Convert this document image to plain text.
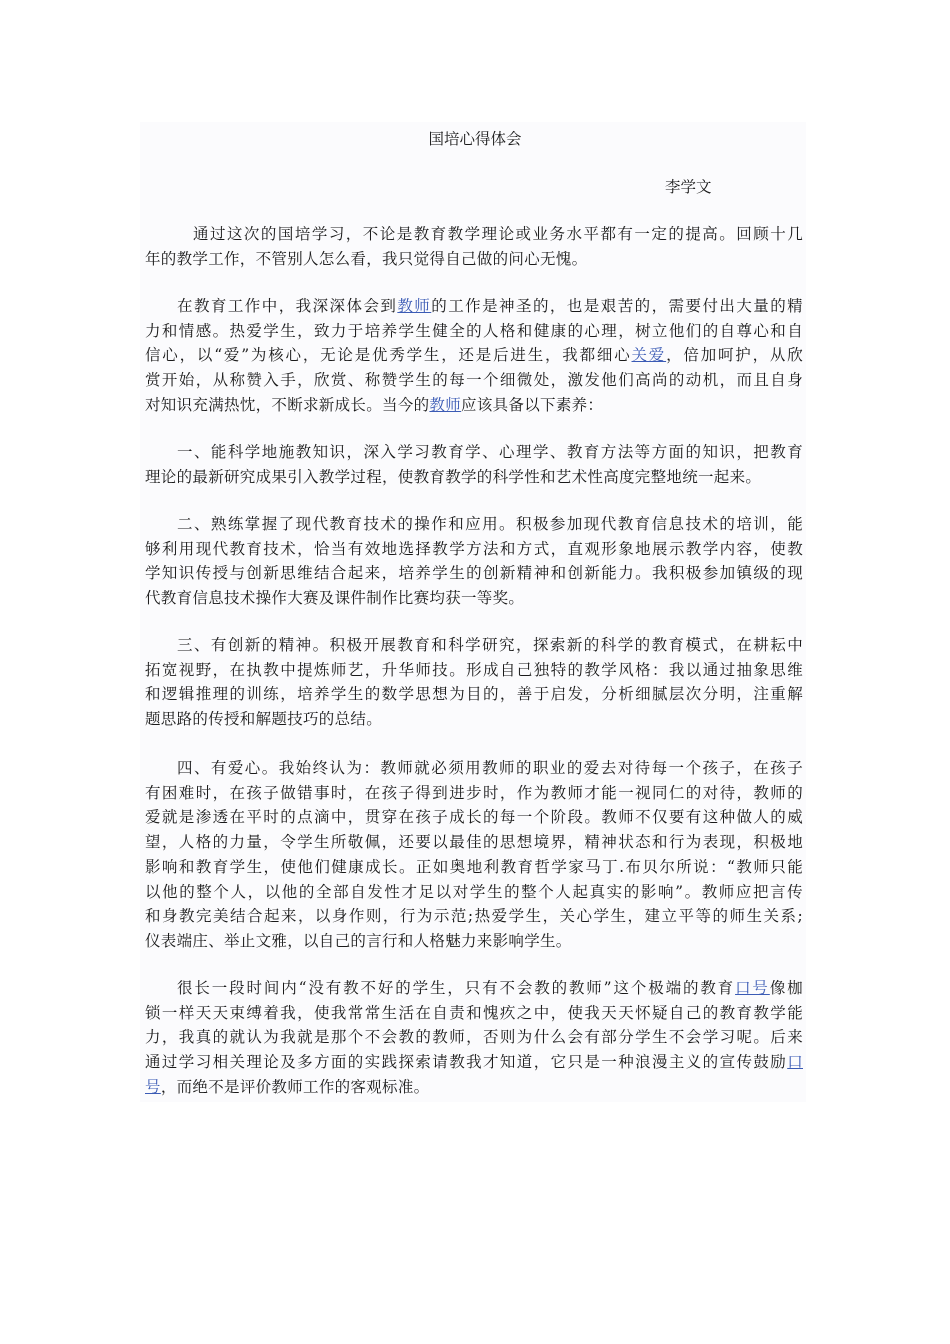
国培心得体会

李学文

通过这次的国培学习，不论是教育教学理论或业务水平都有一定的提高。回顾十几
年的教学工作，不管别人怎么看，我只觉得自己做的问心无愧。

在教育工作中，我深深体会到教师的工作是神圣的，也是艰苦的，需要付出大量的精
力和情感。热爱学生，致力于培养学生健全的人格和健康的心理，树立他们的自尊心和自
信心，以“爱”为核心，无论是优秀学生，还是后进生，我都细心关爱，倍加呵护，从欣
赏开始，从称赞入手，欣赏、称赞学生的每一个细微处，激发他们高尚的动机，而且自身
对知识充满热忱，不断求新成长。当今的教师应该具备以下素养：

一、能科学地施教知识，深入学习教育学、心理学、教育方法等方面的知识，把教育
理论的最新研究成果引入教学过程，使教育教学的科学性和艺术性高度完整地统一起来。

二、熟练掌握了现代教育技术的操作和应用。积极参加现代教育信息技术的培训，能
够利用现代教育技术，恰当有效地选择教学方法和方式，直观形象地展示教学内容，使教
学知识传授与创新思维结合起来，培养学生的创新精神和创新能力。我积极参加镇级的现
代教育信息技术操作大赛及课件制作比赛均获一等奖。

三、有创新的精神。积极开展教育和科学研究，探索新的科学的教育模式，在耕耘中
拓宽视野，在执教中提炼师艺，升华师技。形成自己独特的教学风格：我以通过抽象思维
和逻辑推理的训练，培养学生的数学思想为目的，善于启发，分析细腻层次分明，注重解
题思路的传授和解题技巧的总结。

四、有爱心。我始终认为：教师就必须用教师的职业的爱去对待每一个孩子，在孩子
有困难时，在孩子做错事时，在孩子得到进步时，作为教师才能一视同仁的对待，教师的
爱就是渗透在平时的点滴中，贯穿在孩子成长的每一个阶段。教师不仅要有这种做人的威
望，人格的力量，令学生所敬佩，还要以最佳的思想境界，精神状态和行为表现，积极地
影响和教育学生，使他们健康成长。正如奥地利教育哲学家马丁.布贝尔所说：“教师只能
以他的整个人，以他的全部自发性才足以对学生的整个人起真实的影响”。教师应把言传
和身教完美结合起来，以身作则，行为示范;热爱学生，关心学生，建立平等的师生关系;
仪表端庄、举止文雅，以自己的言行和人格魅力来影响学生。

很长一段时间内“没有教不好的学生，只有不会教的教师”这个极端的教育口号像枷
锁一样天天束缚着我，使我常常生活在自责和愧疚之中，使我天天怀疑自己的教育教学能
力，我真的就认为我就是那个不会教的教师，否则为什么会有部分学生不会学习呢。后来
通过学习相关理论及多方面的实践探索请教我才知道，它只是一种浪漫主义的宣传鼓励口
号，而绝不是评价教师工作的客观标准。
